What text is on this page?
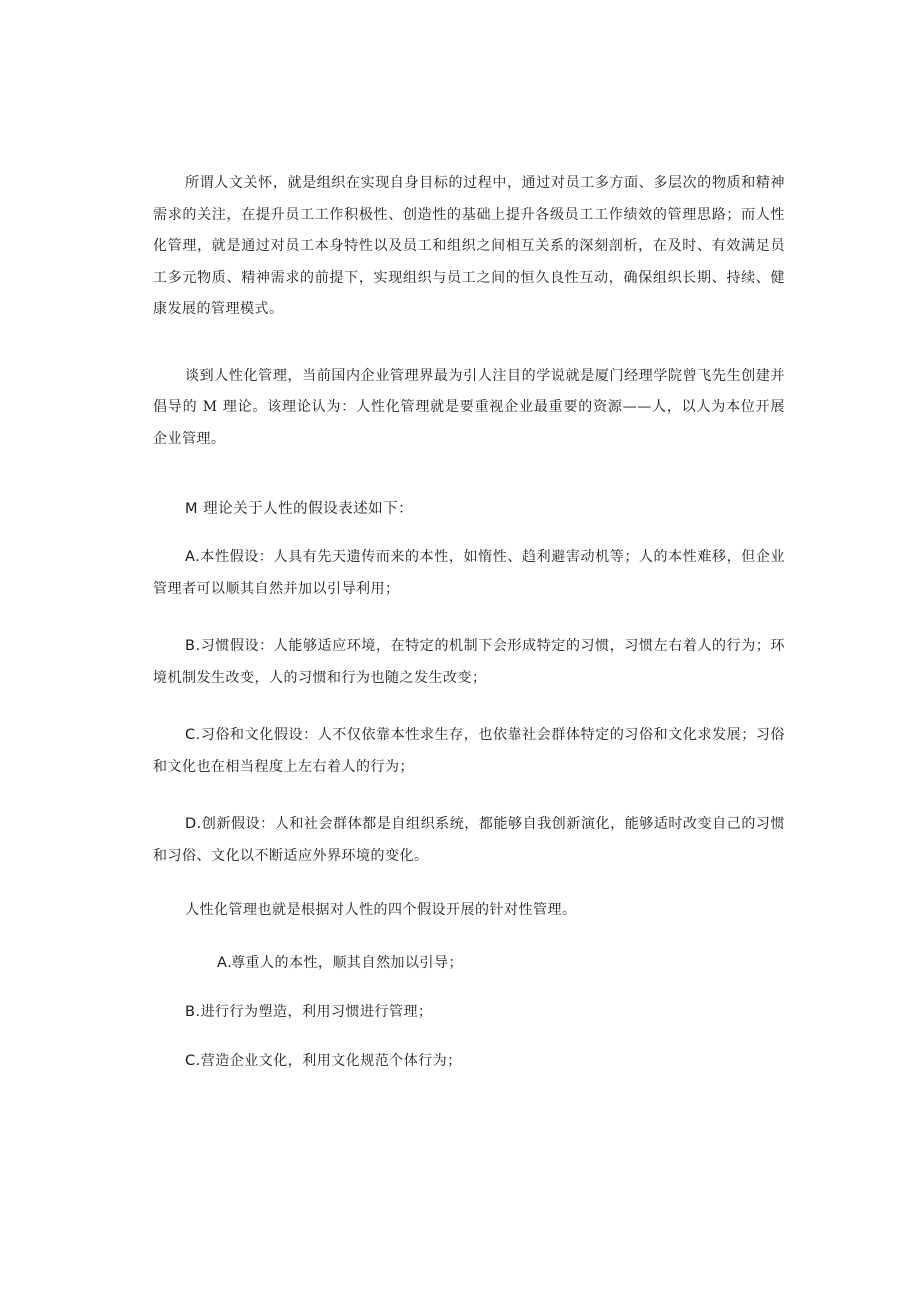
所谓人文关怀，就是组织在实现自身目标的过程中，通过对员工多方面、多层次的物质和精神需求的关注，在提升员工工作积极性、创造性的基础上提升各级员工工作绩效的管理思路；而人性化管理，就是通过对员工本身特性以及员工和组织之间相互关系的深刻剖析，在及时、有效满足员工多元物质、精神需求的前提下，实现组织与员工之间的恒久良性互动，确保组织长期、持续、健康发展的管理模式。

谈到人性化管理，当前国内企业管理界最为引人注目的学说就是厦门经理学院曾飞先生创建并倡导的 M 理论。该理论认为：人性化管理就是要重视企业最重要的资源——人，以人为本位开展企业管理。

M 理论关于人性的假设表述如下：

A.本性假设：人具有先天遗传而来的本性，如惰性、趋利避害动机等；人的本性难移，但企业管理者可以顺其自然并加以引导利用；

B.习惯假设：人能够适应环境，在特定的机制下会形成特定的习惯，习惯左右着人的行为；环境机制发生改变，人的习惯和行为也随之发生改变；

C.习俗和文化假设：人不仅依靠本性求生存，也依靠社会群体特定的习俗和文化求发展；习俗和文化也在相当程度上左右着人的行为；

D.创新假设：人和社会群体都是自组织系统，都能够自我创新演化，能够适时改变自己的习惯和习俗、文化以不断适应外界环境的变化。

人性化管理也就是根据对人性的四个假设开展的针对性管理。

A.尊重人的本性，顺其自然加以引导；

B.进行行为塑造，利用习惯进行管理；

C.营造企业文化，利用文化规范个体行为；
